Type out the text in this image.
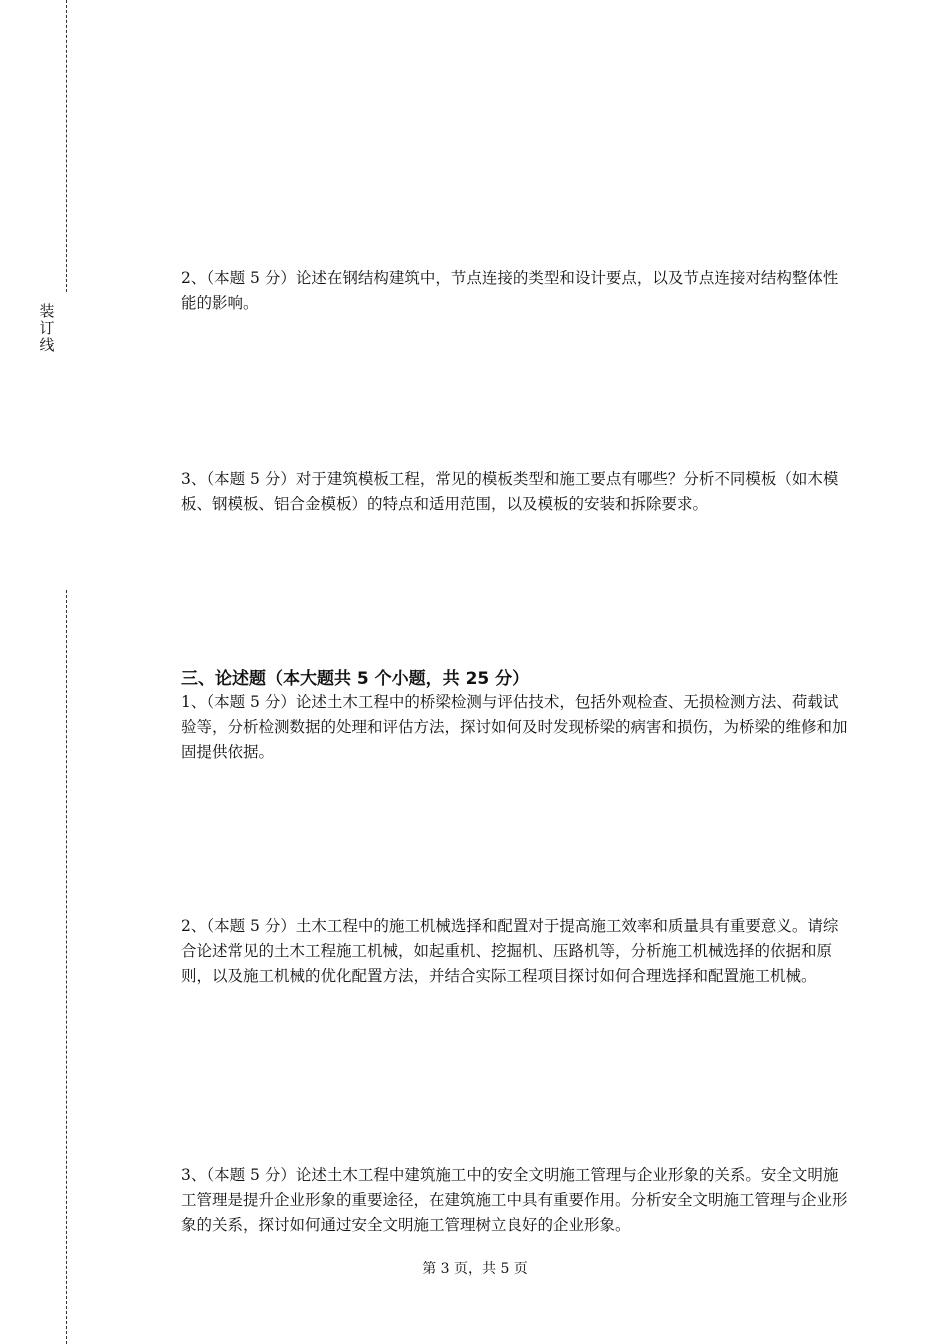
装
订
线

2、（本题 5 分）论述在钢结构建筑中，节点连接的类型和设计要点，以及节点连接对结构整体性能的影响。

3、（本题 5 分）对于建筑模板工程，常见的模板类型和施工要点有哪些？分析不同模板（如木模板、钢模板、铝合金模板）的特点和适用范围，以及模板的安装和拆除要求。

三、论述题（本大题共 5 个小题，共 25 分）

1、（本题 5 分）论述土木工程中的桥梁检测与评估技术，包括外观检查、无损检测方法、荷载试验等，分析检测数据的处理和评估方法，探讨如何及时发现桥梁的病害和损伤，为桥梁的维修和加固提供依据。

2、（本题 5 分）土木工程中的施工机械选择和配置对于提高施工效率和质量具有重要意义。请综合论述常见的土木工程施工机械，如起重机、挖掘机、压路机等，分析施工机械选择的依据和原则，以及施工机械的优化配置方法，并结合实际工程项目探讨如何合理选择和配置施工机械。

3、（本题 5 分）论述土木工程中建筑施工中的安全文明施工管理与企业形象的关系。安全文明施工管理是提升企业形象的重要途径，在建筑施工中具有重要作用。分析安全文明施工管理与企业形象的关系，探讨如何通过安全文明施工管理树立良好的企业形象。

第 3 页，共 5 页
